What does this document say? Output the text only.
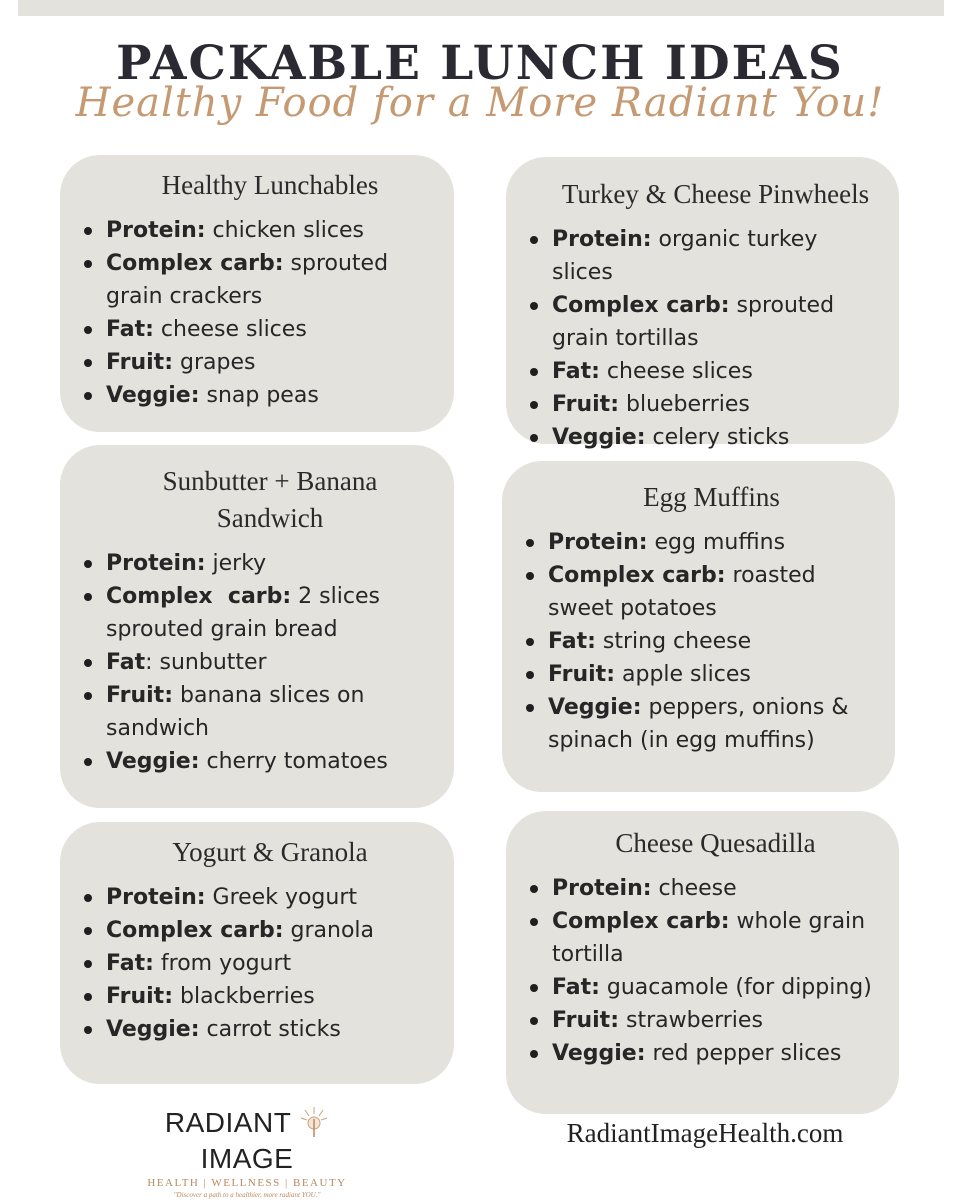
PACKABLE LUNCH IDEAS
Healthy Food for a More Radiant You!
Healthy Lunchables
Protein: chicken slices
Complex carb: sprouted grain crackers
Fat: cheese slices
Fruit: grapes
Veggie: snap peas
Turkey & Cheese Pinwheels
Protein: organic turkey slices
Complex carb: sprouted grain tortillas
Fat: cheese slices
Fruit: blueberries
Veggie: celery sticks
Sunbutter + Banana Sandwich
Protein: jerky
Complex  carb: 2 slices sprouted grain bread
Fat: sunbutter
Fruit: banana slices on sandwich
Veggie: cherry tomatoes
Egg Muffins
Protein: egg muffins
Complex carb: roasted sweet potatoes
Fat: string cheese
Fruit: apple slices
Veggie: peppers, onions & spinach (in egg muffins)
Yogurt & Granola
Protein: Greek yogurt
Complex carb: granola
Fat: from yogurt
Fruit: blackberries
Veggie: carrot sticks
Cheese Quesadilla
Protein: cheese
Complex carb: whole grain tortilla
Fat: guacamole (for dipping)
Fruit: strawberries
Veggie: red pepper slices
RADIANT  IMAGE
HEALTH | WELLNESS | BEAUTY
"Discover a path to a healthier, more radiant YOU."
RadiantImageHealth.com
